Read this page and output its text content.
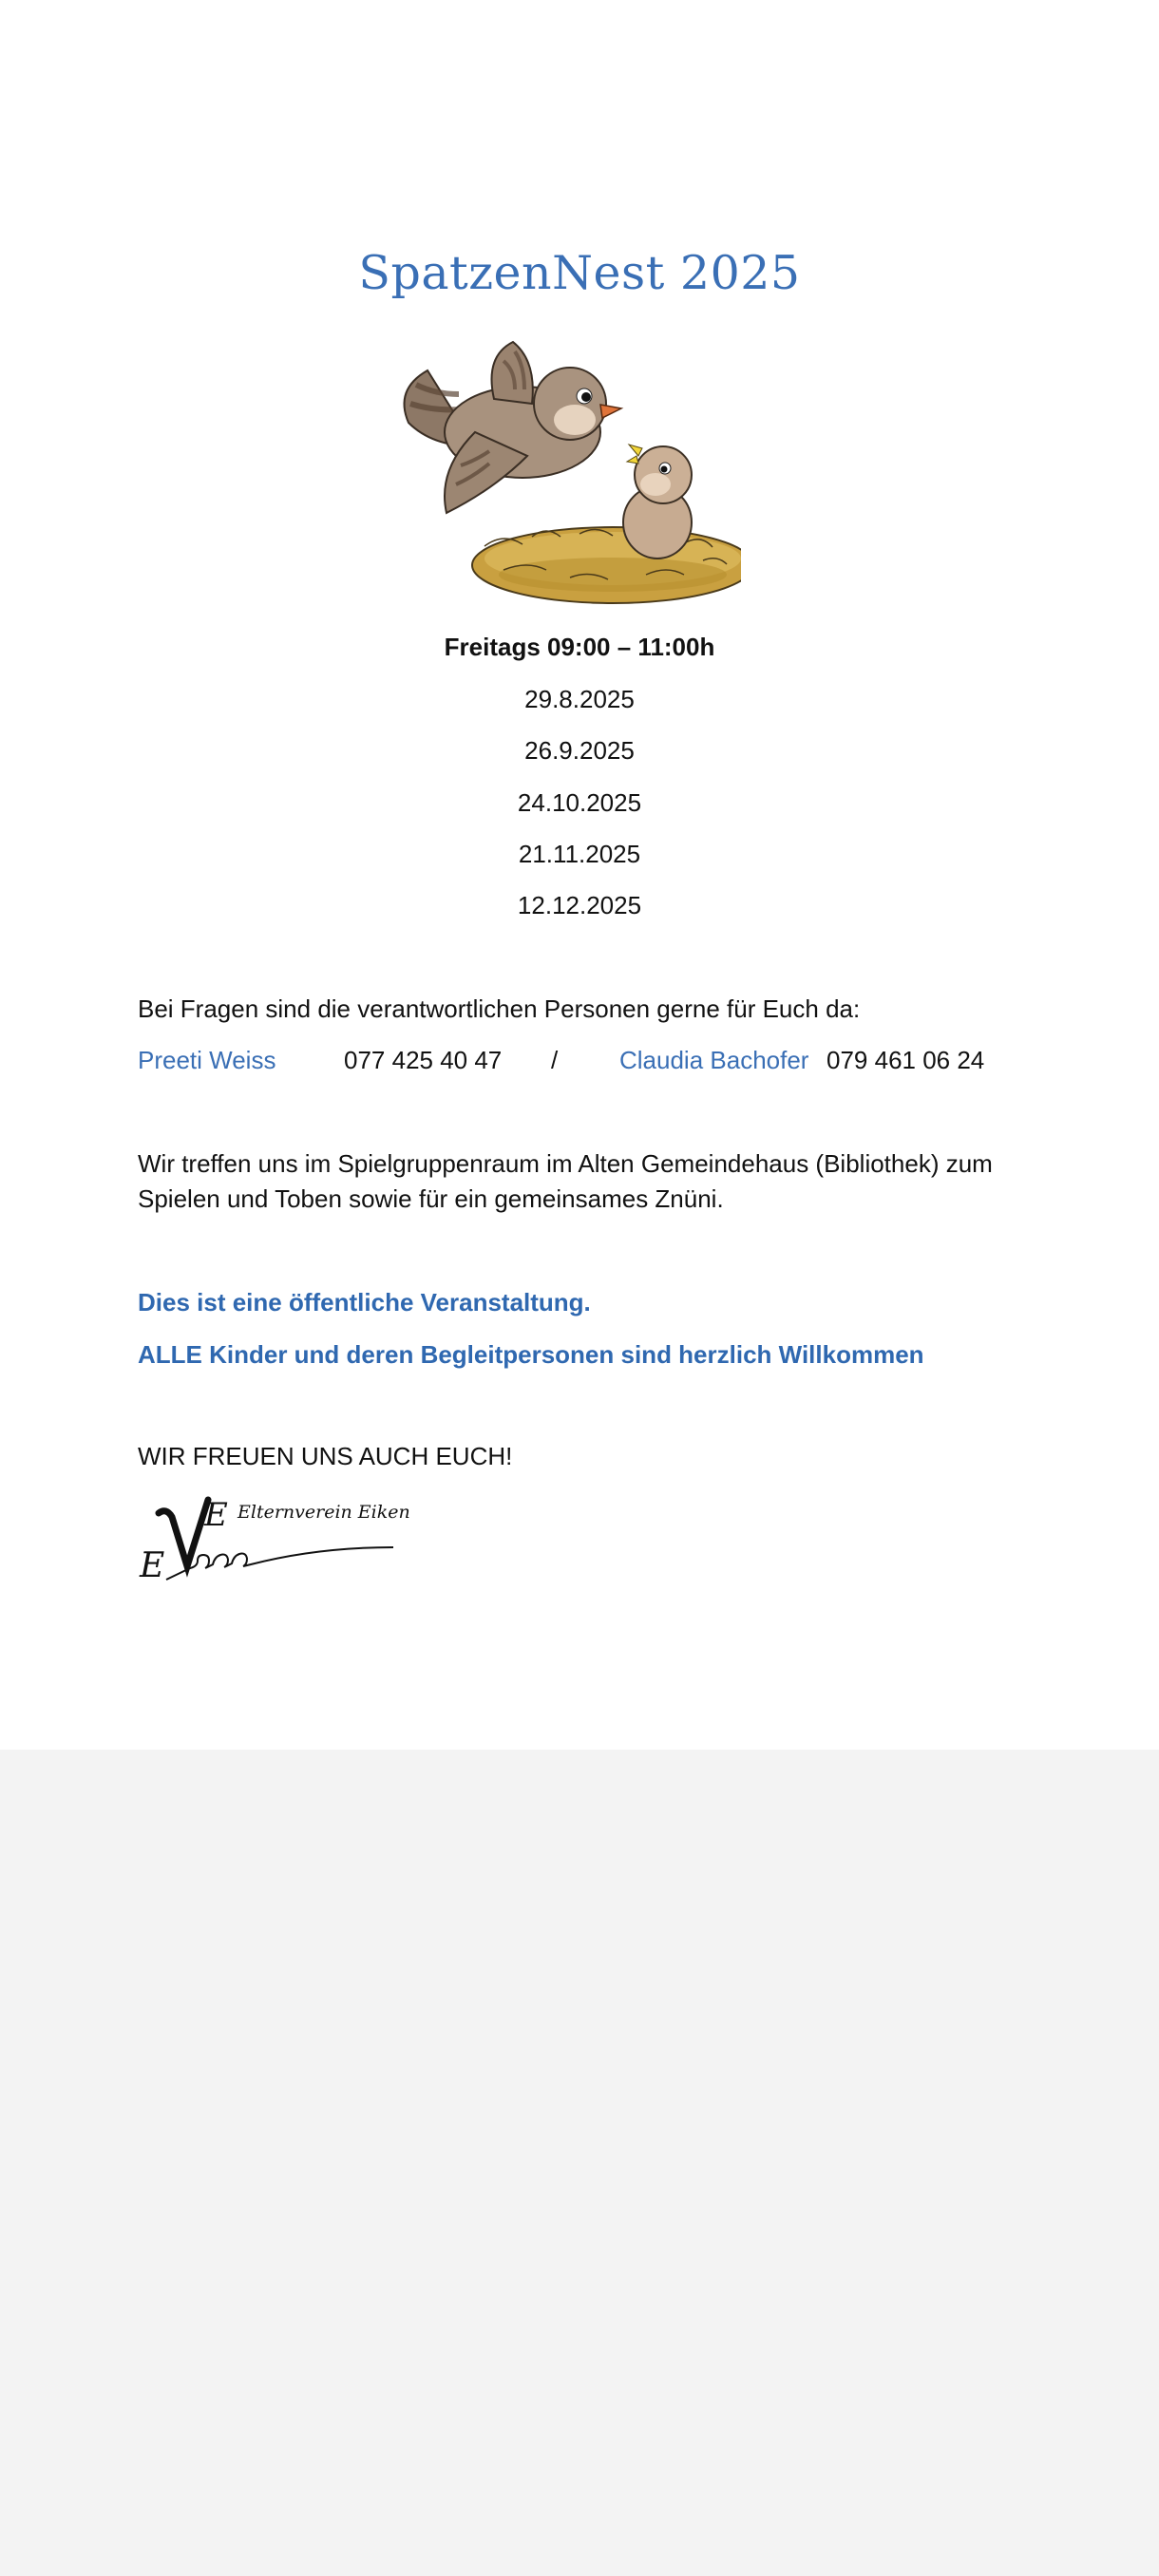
SpatzenNest 2025
Freitags 09:00 – 11:00h
29.8.2025
26.9.2025
24.10.2025
21.11.2025
12.12.2025
Bei Fragen sind die verantwortlichen Personen gerne für Euch da:
Preeti Weiss	077 425 40 47 / Claudia Bachofer 079 461 06 24
Wir treffen uns im Spielgruppenraum im Alten Gemeindehaus (Bibliothek) zum
Spielen und Toben sowie für ein gemeinsames Znüni.
Dies ist eine öffentliche Veranstaltung.
ALLE Kinder und deren Begleitpersonen sind herzlich Willkommen
WIR FREUEN UNS AUCH EUCH!
E
E Elternverein Eiken
